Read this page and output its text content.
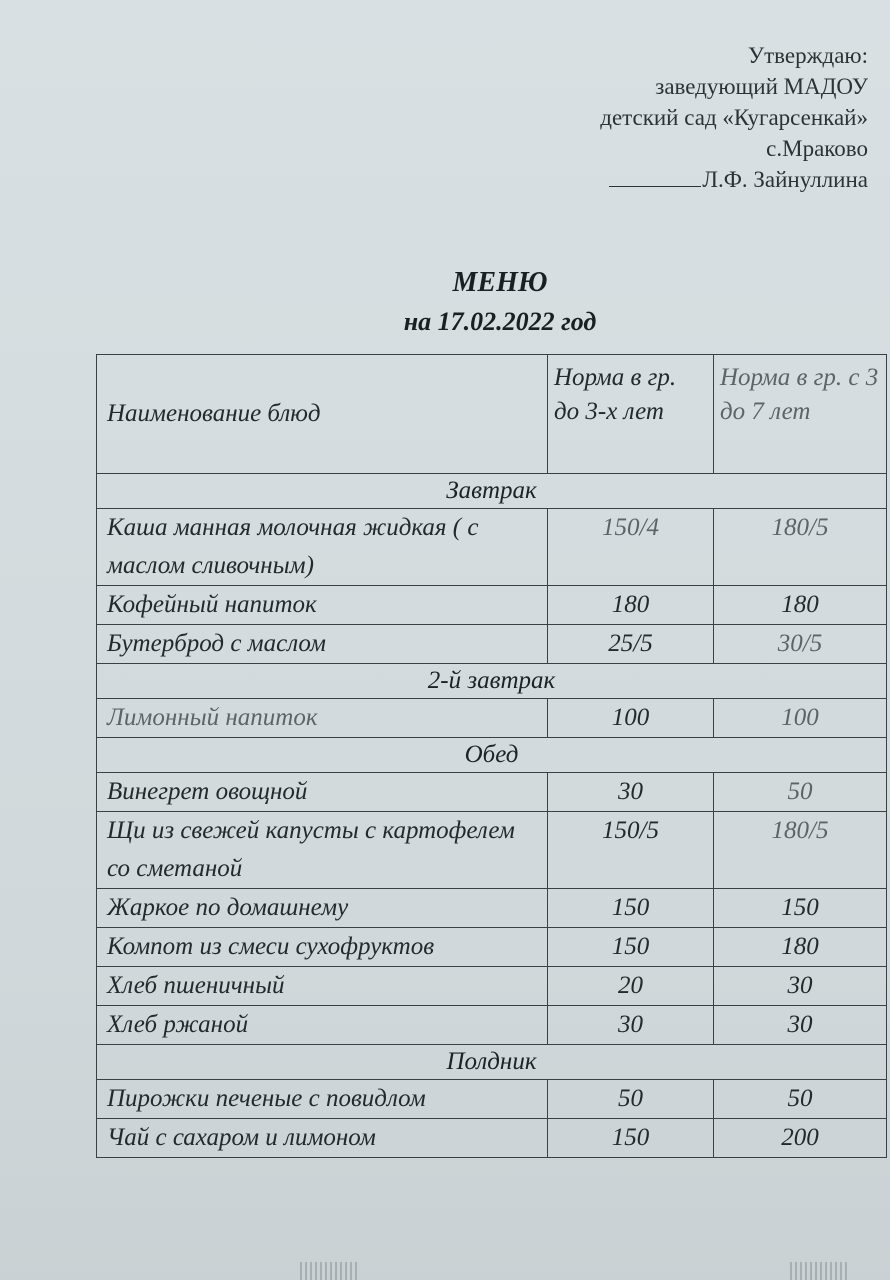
Утверждаю:
заведующий МАДОУ
детский сад «Кугарсенкай»
с.Мраково
Л.Ф. Зайнуллина
МЕНЮ
на 17.02.2022 год
Наименование блюд	Норма в гр. до 3-х лет	Норма в гр. с 3 до 7 лет
Завтрак		
Каша манная молочная жидкая ( с маслом сливочным)	150/4	180/5
Кофейный напиток	180	180
Бутерброд с маслом	25/5	30/5
2-й завтрак		
Лимонный напиток	100	100
Обед		
Винегрет овощной	30	50
Щи из свежей капусты с картофелем со сметаной	150/5	180/5
Жаркое по домашнему	150	150
Компот из смеси сухофруктов	150	180
Хлеб пшеничный	20	30
Хлеб ржаной	30	30
Полдник		
Пирожки печеные с повидлом	50	50
Чай с сахаром и лимоном	150	200
